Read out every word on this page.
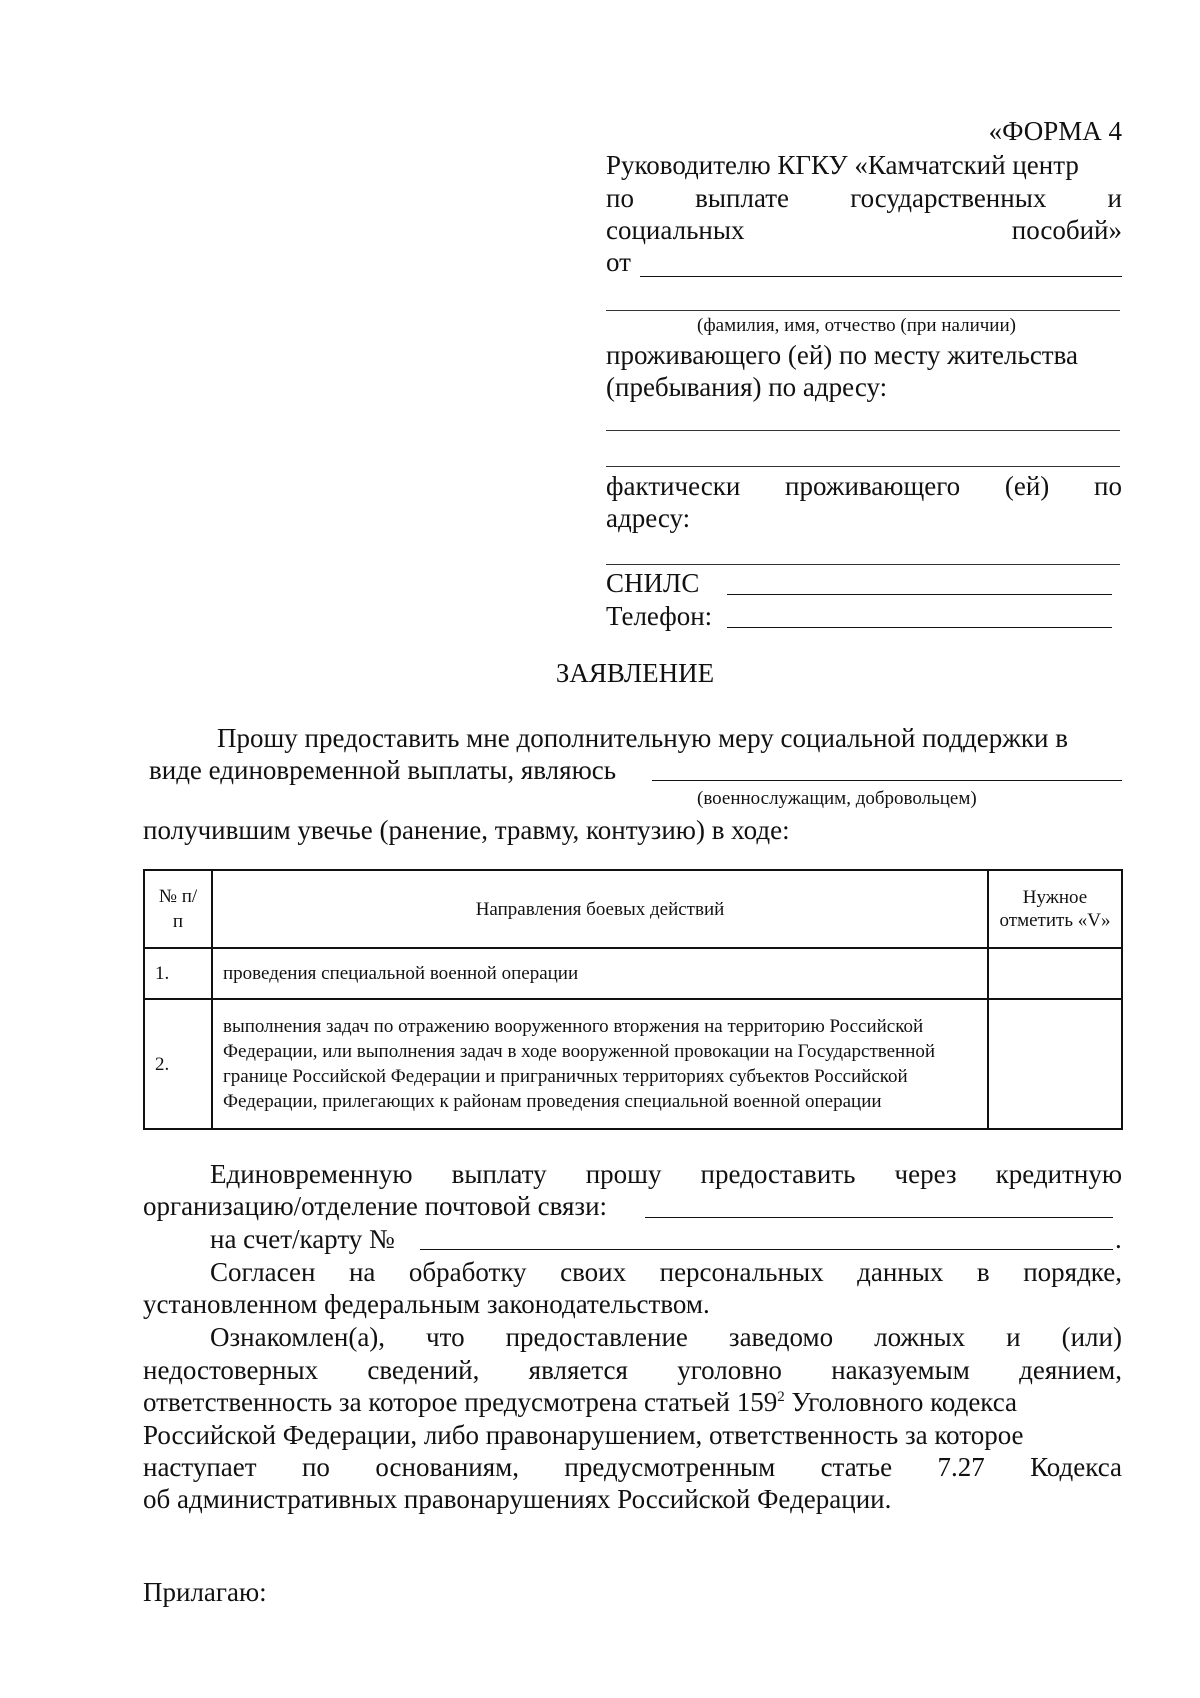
«ФОРМА 4
Руководителю КГКУ «Камчатский центр
по выплате государственных и
социальных	пособий»
от
(фамилия, имя, отчество (при наличии)
проживающего (ей) по месту жительства
(пребывания) по адресу:
фактически проживающего (ей) по
адресу:
СНИЛС
Телефон:
ЗАЯВЛЕНИЕ
Прошу предоставить мне дополнительную меру социальной поддержки в
виде единовременной выплаты, являюсь
(военнослужащим, добровольцем)
получившим увечье (ранение, травму, контузию) в ходе:
№ п/п	Направления боевых действий	Нужное отметить «V»
1.	проведения специальной военной операции	
2.	выполнения задач по отражению вооруженного вторжения на территорию Российской Федерации, или выполнения задач в ходе вооруженной провокации на Государственной границе Российской Федерации и приграничных территориях субъектов Российской Федерации, прилегающих к районам проведения специальной военной операции	
Единовременную выплату прошу предоставить через кредитную
организацию/отделение почтовой связи:
на счет/карту №	.
Согласен на обработку своих персональных данных в порядке,
установленном федеральным законодательством.
Ознакомлен(а), что предоставление заведомо ложных и (или)
недостоверных сведений, является уголовно наказуемым деянием,
ответственность за которое предусмотрена статьей $159^2$ Уголовного кодекса
Российской Федерации, либо правонарушением, ответственность за которое
наступает по основаниям, предусмотренным статье 7.27 Кодекса
об административных правонарушениях Российской Федерации.
Прилагаю:
